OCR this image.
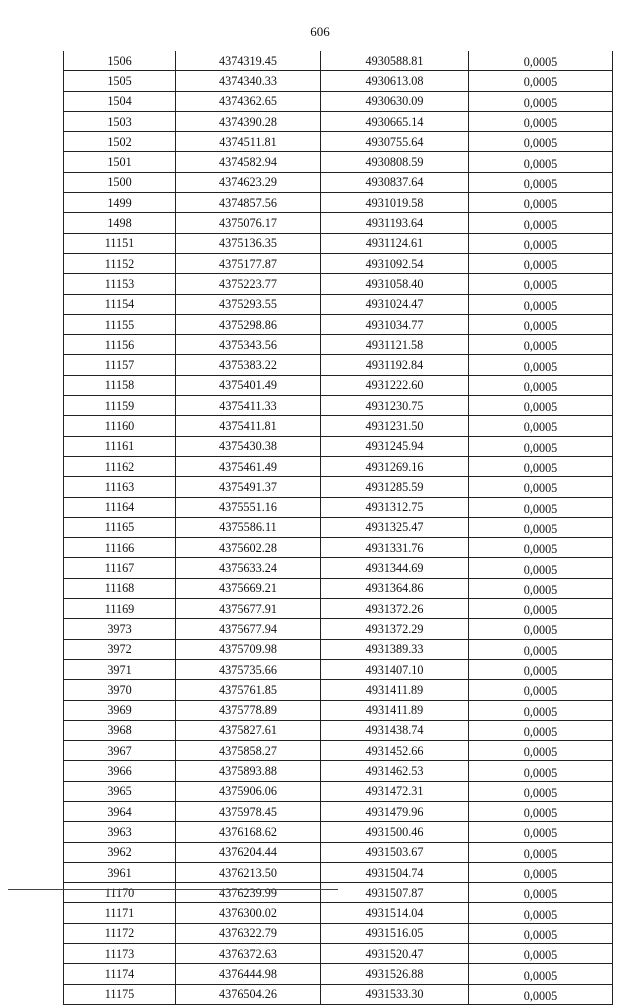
606
1506	4374319.45	4930588.81	0,0005
1505	4374340.33	4930613.08	0,0005
1504	4374362.65	4930630.09	0,0005
1503	4374390.28	4930665.14	0,0005
1502	4374511.81	4930755.64	0,0005
1501	4374582.94	4930808.59	0,0005
1500	4374623.29	4930837.64	0,0005
1499	4374857.56	4931019.58	0,0005
1498	4375076.17	4931193.64	0,0005
11151	4375136.35	4931124.61	0,0005
11152	4375177.87	4931092.54	0,0005
11153	4375223.77	4931058.40	0,0005
11154	4375293.55	4931024.47	0,0005
11155	4375298.86	4931034.77	0,0005
11156	4375343.56	4931121.58	0,0005
11157	4375383.22	4931192.84	0,0005
11158	4375401.49	4931222.60	0,0005
11159	4375411.33	4931230.75	0,0005
11160	4375411.81	4931231.50	0,0005
11161	4375430.38	4931245.94	0,0005
11162	4375461.49	4931269.16	0,0005
11163	4375491.37	4931285.59	0,0005
11164	4375551.16	4931312.75	0,0005
11165	4375586.11	4931325.47	0,0005
11166	4375602.28	4931331.76	0,0005
11167	4375633.24	4931344.69	0,0005
11168	4375669.21	4931364.86	0,0005
11169	4375677.91	4931372.26	0,0005
3973	4375677.94	4931372.29	0,0005
3972	4375709.98	4931389.33	0,0005
3971	4375735.66	4931407.10	0,0005
3970	4375761.85	4931411.89	0,0005
3969	4375778.89	4931411.89	0,0005
3968	4375827.61	4931438.74	0,0005
3967	4375858.27	4931452.66	0,0005
3966	4375893.88	4931462.53	0,0005
3965	4375906.06	4931472.31	0,0005
3964	4375978.45	4931479.96	0,0005
3963	4376168.62	4931500.46	0,0005
3962	4376204.44	4931503.67	0,0005
3961	4376213.50	4931504.74	0,0005
11170	4376239.99	4931507.87	0,0005
11171	4376300.02	4931514.04	0,0005
11172	4376322.79	4931516.05	0,0005
11173	4376372.63	4931520.47	0,0005
11174	4376444.98	4931526.88	0,0005
11175	4376504.26	4931533.30	0,0005
